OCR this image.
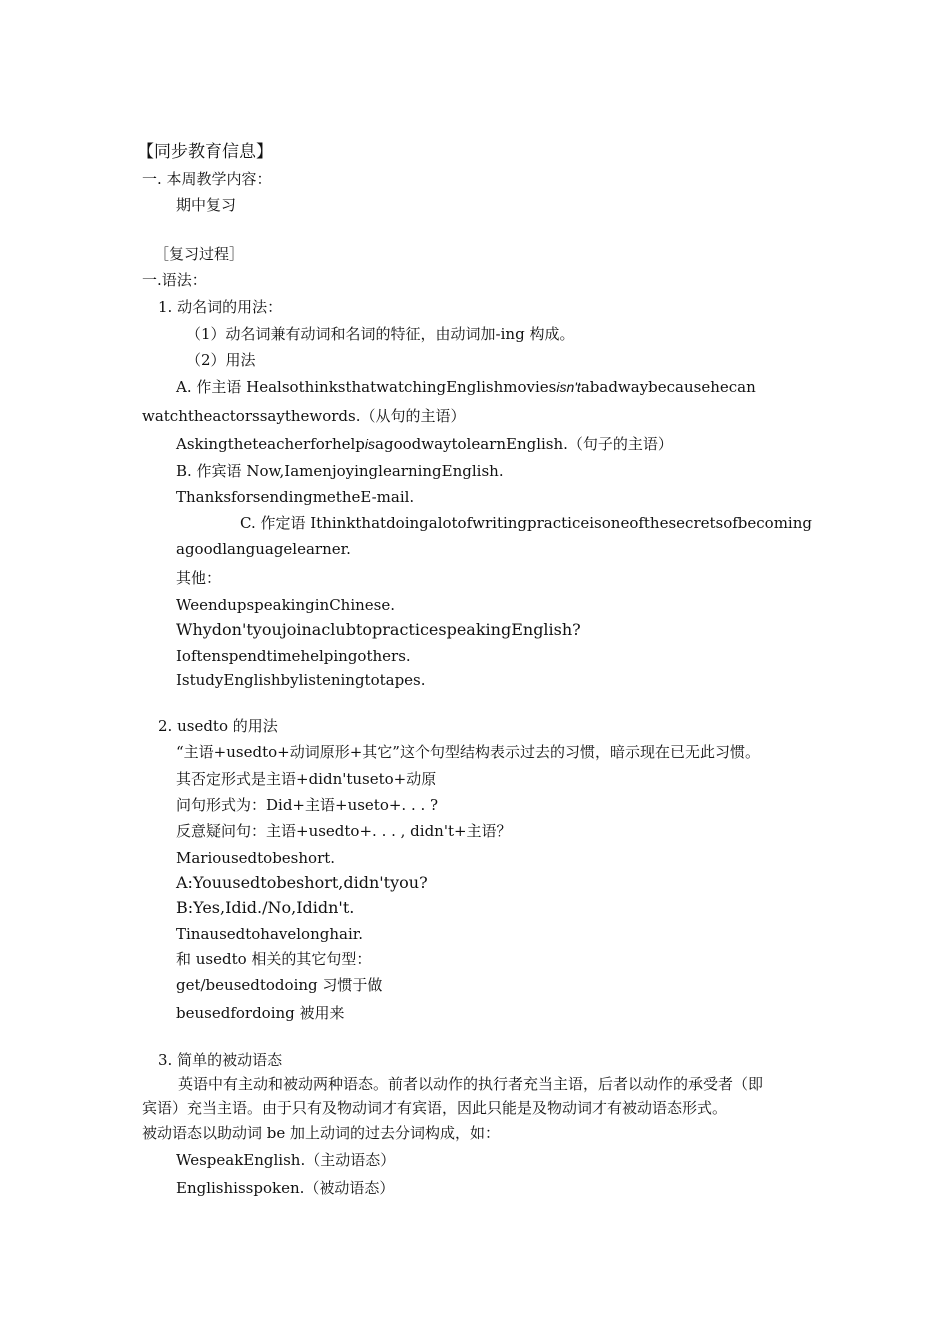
【同步教育信息】
一. 本周教学内容：
期中复习
［复习过程］
一.语法：
1. 动名词的用法：
（1）动名词兼有动词和名词的特征，由动词加-ing 构成。
（2）用法
A. 作主语 HealsothinksthatwatchingEnglishmoviesisn'tabadwaybecausehecan
watchtheactorssaythewords.（从句的主语）
AskingtheteacherforhelpisagoodwaytolearnEnglish.（句子的主语）
B. 作宾语 Now,IamenjoyinglearningEnglish.
ThanksforsendingmetheE-mail.
C. 作定语 Ithinkthatdoingalotofwritingpracticeisoneofthesecretsofbecoming
agoodlanguagelearner.
其他：
WeendupspeakinginChinese.
Whydon'tyoujoinaclubtopracticespeakingEnglish?
Ioftenspendtimehelpingothers.
IstudyEnglishbylisteningtotapes.
2. usedto 的用法
“主语+usedto+动词原形+其它”这个句型结构表示过去的习惯，暗示现在已无此习惯。
其否定形式是主语+didn'tuseto+动原
问句形式为：Did+主语+useto+. . . ?
反意疑问句：主语+usedto+. . . , didn't+主语？
Mariousedtobeshort.
A:Youusedtobeshort,didn'tyou?
B:Yes,Idid./No,Ididn't.
Tinausedtohavelonghair.
和 usedto 相关的其它句型：
get/beusedtodoing 习惯于做
beusedfordoing 被用来
3. 简单的被动语态
英语中有主动和被动两种语态。前者以动作的执行者充当主语，后者以动作的承受者（即
宾语）充当主语。由于只有及物动词才有宾语，因此只能是及物动词才有被动语态形式。
被动语态以助动词 be 加上动词的过去分词构成，如：
WespeakEnglish.（主动语态）
Englishisspoken.（被动语态）
